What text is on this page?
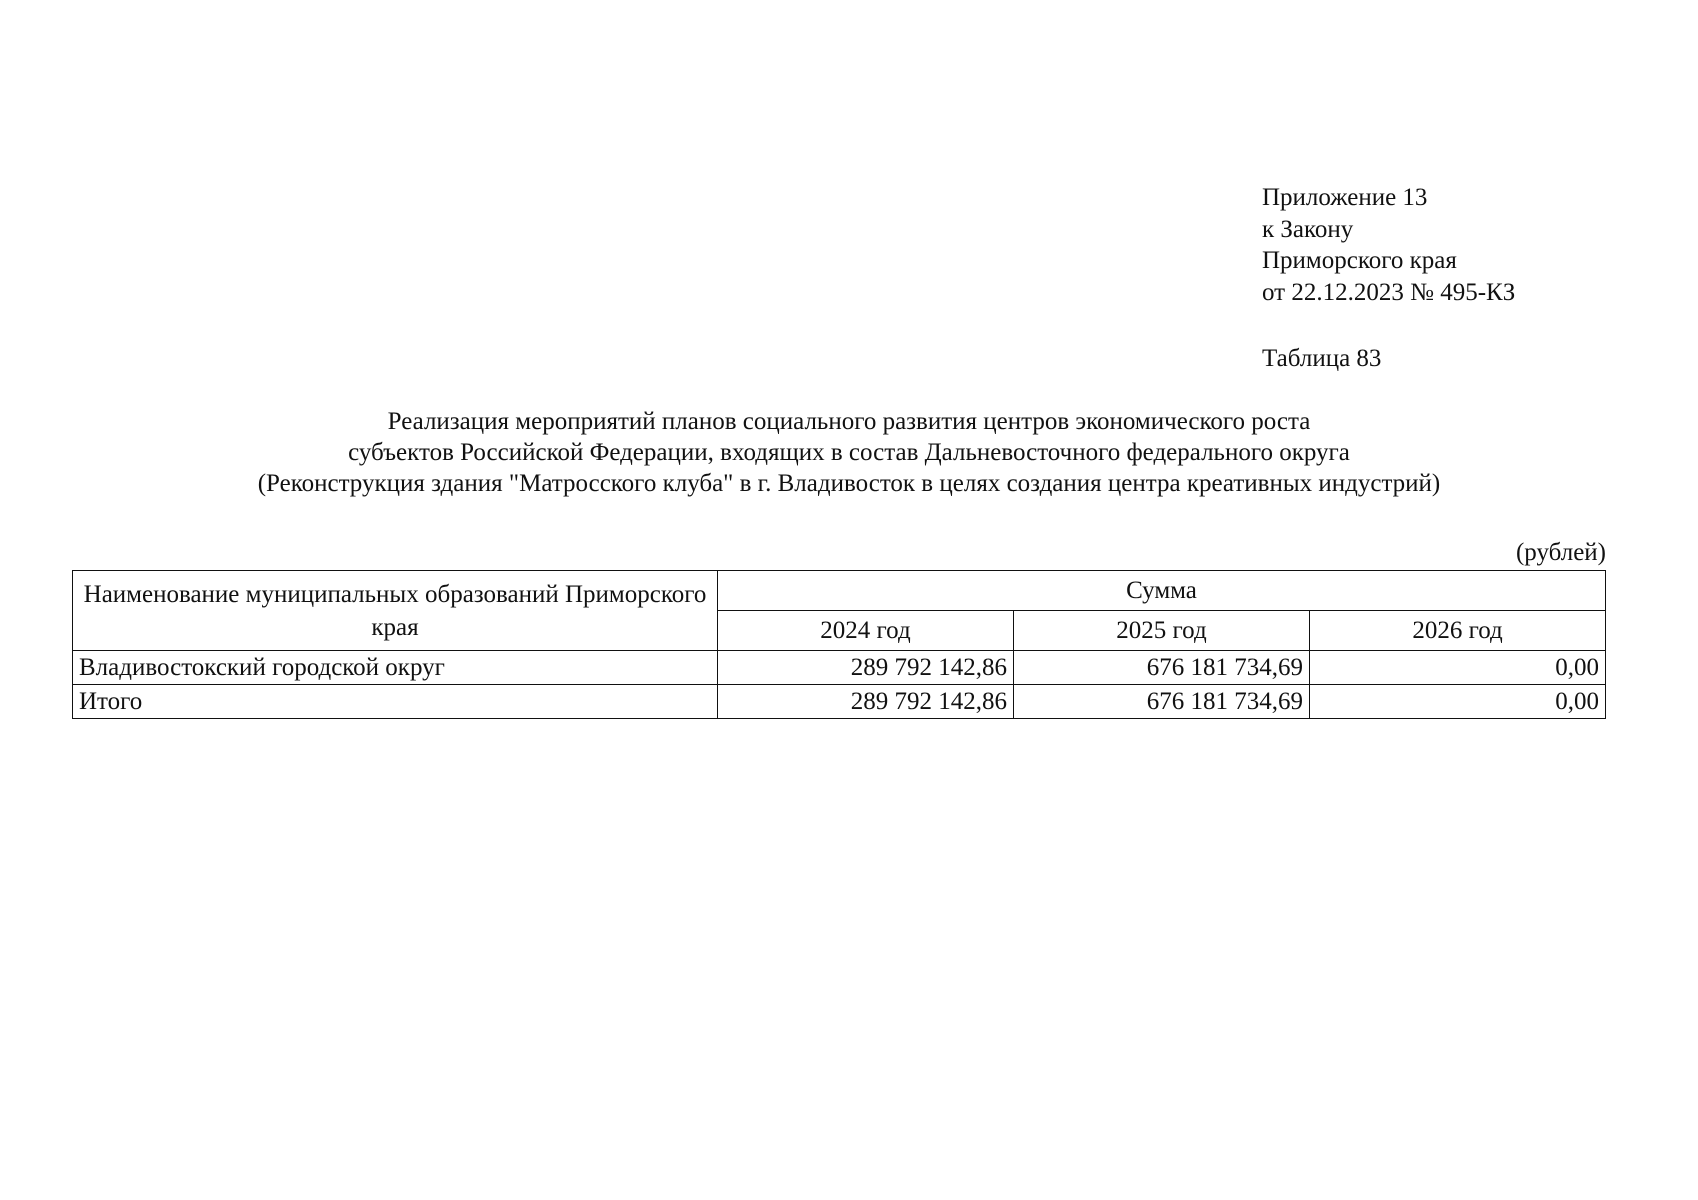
Приложение 13
к Закону
Приморского края
от 22.12.2023 № 495-КЗ
Таблица 83
Реализация мероприятий планов социального развития центров экономического роста
субъектов Российской Федерации, входящих в состав Дальневосточного федерального округа
(Реконструкция здания "Матросского клуба" в г. Владивосток в целях создания центра креативных индустрий)
(рублей)
Наименование муниципальных образований Приморского края	Сумма		
	2024 год	2025 год	2026 год
Владивостокский городской округ	289 792 142,86	676 181 734,69	0,00
Итого	289 792 142,86	676 181 734,69	0,00
